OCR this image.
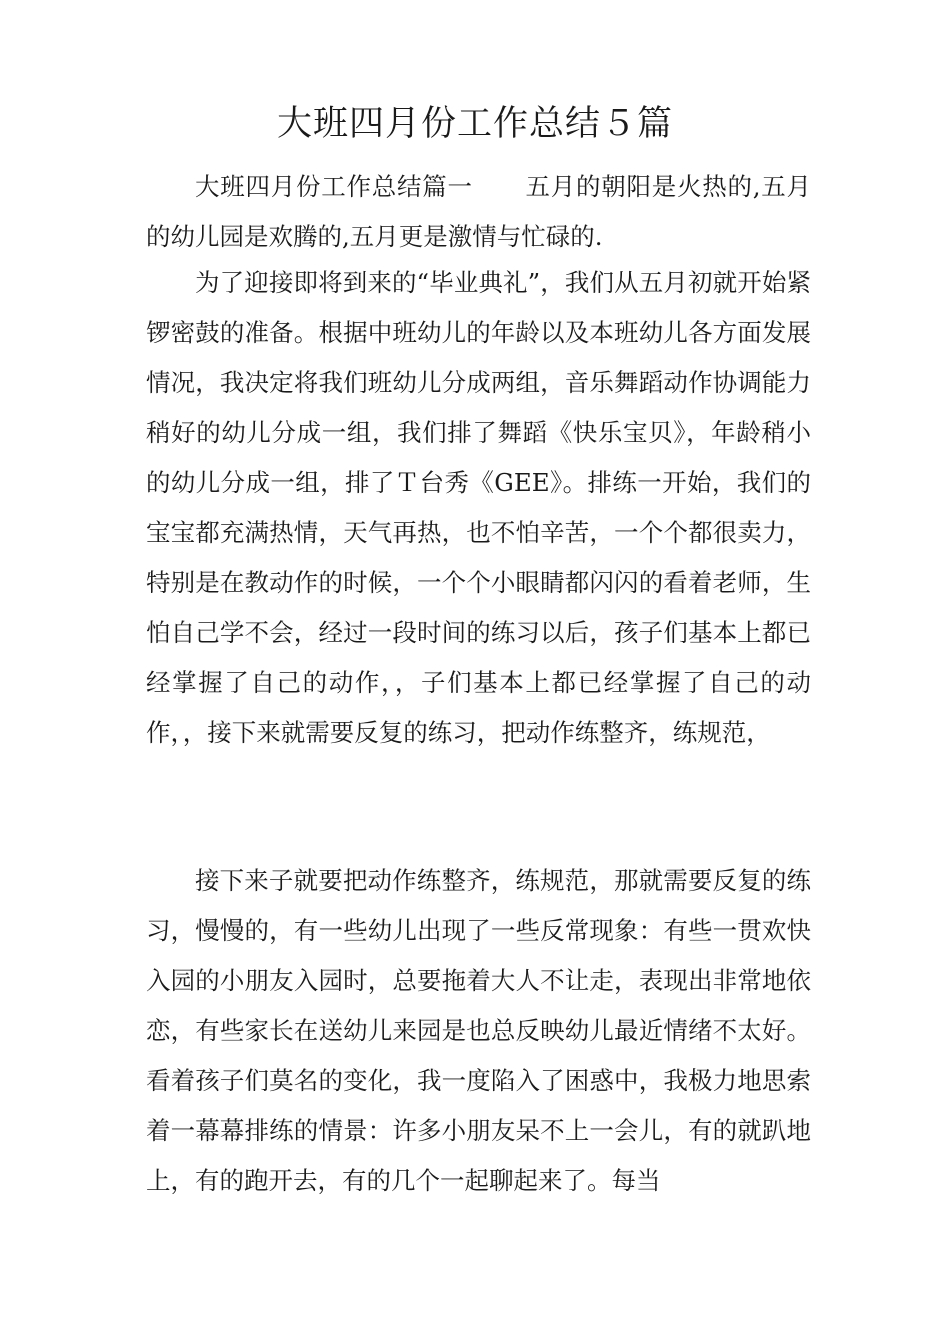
大班四月份工作总结５篇

大班四月份工作总结篇一 五月的朝阳是火热的,五月的幼儿园是欢腾的,五月更是激情与忙碌的.

为了迎接即将到来的“毕业典礼”，我们从五月初就开始紧锣密鼓的准备。根据中班幼儿的年龄以及本班幼儿各方面发展情况，我决定将我们班幼儿分成两组，音乐舞蹈动作协调能力稍好的幼儿分成一组，我们排了舞蹈《快乐宝贝》，年龄稍小的幼儿分成一组，排了Ｔ台秀《GEE》。排练一开始，我们的宝宝都充满热情，天气再热，也不怕辛苦，一个个都很卖力，特别是在教动作的时候，一个个小眼睛都闪闪的看着老师，生怕自己学不会，经过一段时间的练习以后，孩子们基本上都已经掌握了自己的动作，，子们基本上都已经掌握了自己的动作，，接下来就需要反复的练习，把动作练整齐，练规范，

接下来子就要把动作练整齐，练规范，那就需要反复的练习，慢慢的，有一些幼儿出现了一些反常现象：有些一贯欢快入园的小朋友入园时，总要拖着大人不让走，表现出非常地依恋，有些家长在送幼儿来园是也总反映幼儿最近情绪不太好。看着孩子们莫名的变化，我一度陷入了困惑中，我极力地思索着一幕幕排练的情景：许多小朋友呆不上一会儿，有的就趴地上，有的跑开去，有的几个一起聊起来了。每当
